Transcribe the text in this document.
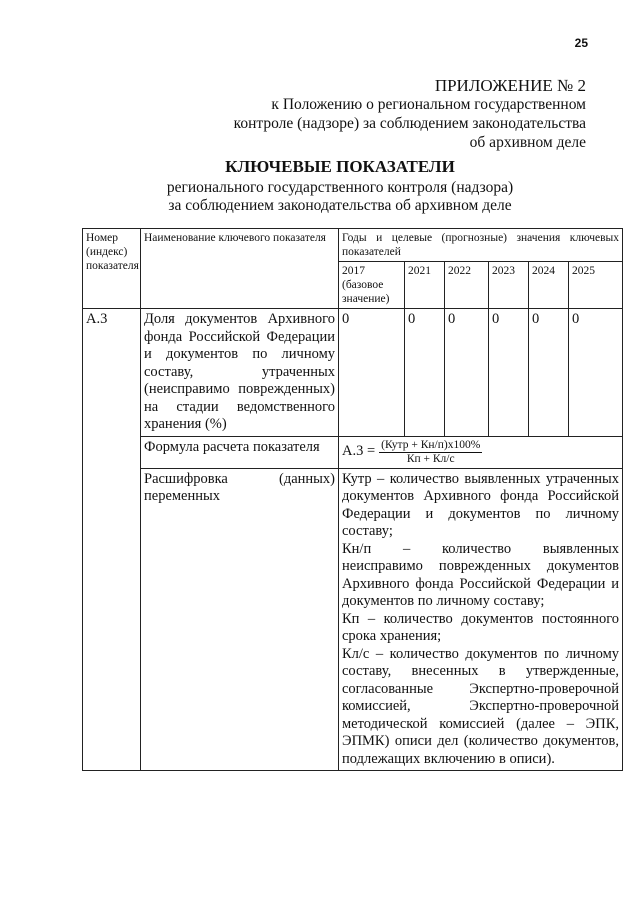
25
ПРИЛОЖЕНИЕ № 2
к Положению о региональном государственном
контроле (надзоре) за соблюдением законодательства
об архивном деле
КЛЮЧЕВЫЕ ПОКАЗАТЕЛИ
регионального государственного контроля (надзора)
за соблюдением законодательства об архивном деле
Номер (индекс) показателя	Наименование ключевого показателя	Годы и целевые (прогнозные) значения ключевых показателей					
		2017 (базовое значение)	2021	2022	2023	2024	2025
А.3	Доля документов Архивного фонда Российской Федерации и документов по личному составу, утраченных (неисправимо поврежденных) на стадии ведомственного хранения (%)	0	0	0	0	0	0
	Формула расчета показателя	$А.3 = \frac{\text{(Кутр + Кн/п)х100\%}}{Кп + Кл/с}$

	Расшифровка (данных) переменных	Кутр – количество выявленных утраченных документов Архивного фонда Российской Федерации и документов по личному составу;

Кн/п – количество выявленных неисправимо поврежденных документов Архивного фонда Российской Федерации и документов по личному составу;

Кп – количество документов постоянного срока хранения;

Кл/с – количество документов по личному составу, внесенных в утвержденные, согласованные Экспертно-проверочной комиссией, Экспертно-проверочной методической комиссией (далее – ЭПК, ЭПМК) описи дел (количество документов, подлежащих включению в описи).					
